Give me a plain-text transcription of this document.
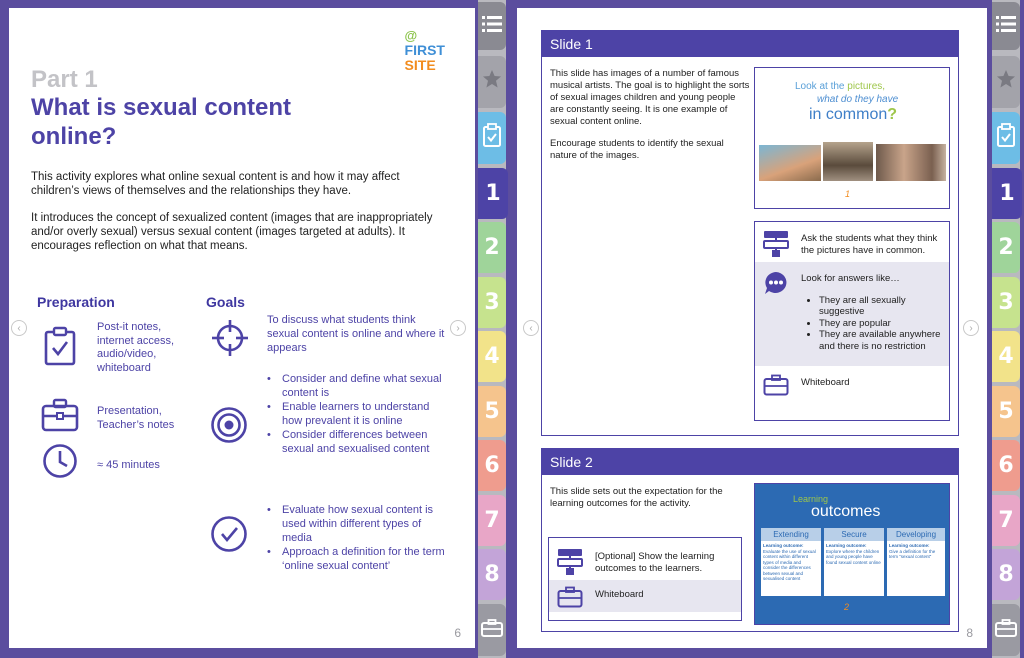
@
FIRST
SITE
Part 1
What is sexual content online?

This activity explores what online sexual content is and how it may affect children’s views of themselves and the relationships they have.

It introduces the concept of sexualized content (images that are inappropriately and/or overly sexual) versus sexual content (images targeted at adults). It encourages reflection on what that means.

Preparation	Goals
Post-it notes, internet access, audio/video, whiteboard
Presentation, Teacher’s notes
≈ 45 minutes
To discuss what students think sexual content is online and where it appears
• Consider and define what sexual content is
• Enable learners to understand how prevalent it is online
• Consider differences between sexual and sexualised content
• Evaluate how sexual content is used within different types of media
• Approach a definition for the term ‘online sexual content’
6
‹	›	‹	›
Slide 1

This slide has images of a number of famous musical artists. The goal is to highlight the sorts of sexual images children and young people are constantly seeing. It is one example of sexual content online.

Encourage students to identify the sexual nature of the images.

Look at the pictures,
what do they have
in common?
1
Ask the students what they think the pictures have in common.
Look for answers like…
• They are all sexually suggestive
• They are popular
• They are available anywhere and there is no restriction
Whiteboard
Slide 2
This slide sets out the expectation for the learning outcomes for the activity.
[Optional] Show the learning outcomes to the learners.
Whiteboard
Learning
outcomes
Extending
Learning outcome:
Evaluate the use of sexual content within different types of media and consider the differences between sexual and sexualised content
Secure
Learning outcome:
Explore where the children and young people have found sexual content online
Developing
Learning outcome:
Give a definition for the term “sexual content”
2
8
1
2
3
4
5
6
7
8
1
2
3
4
5
6
7
8
